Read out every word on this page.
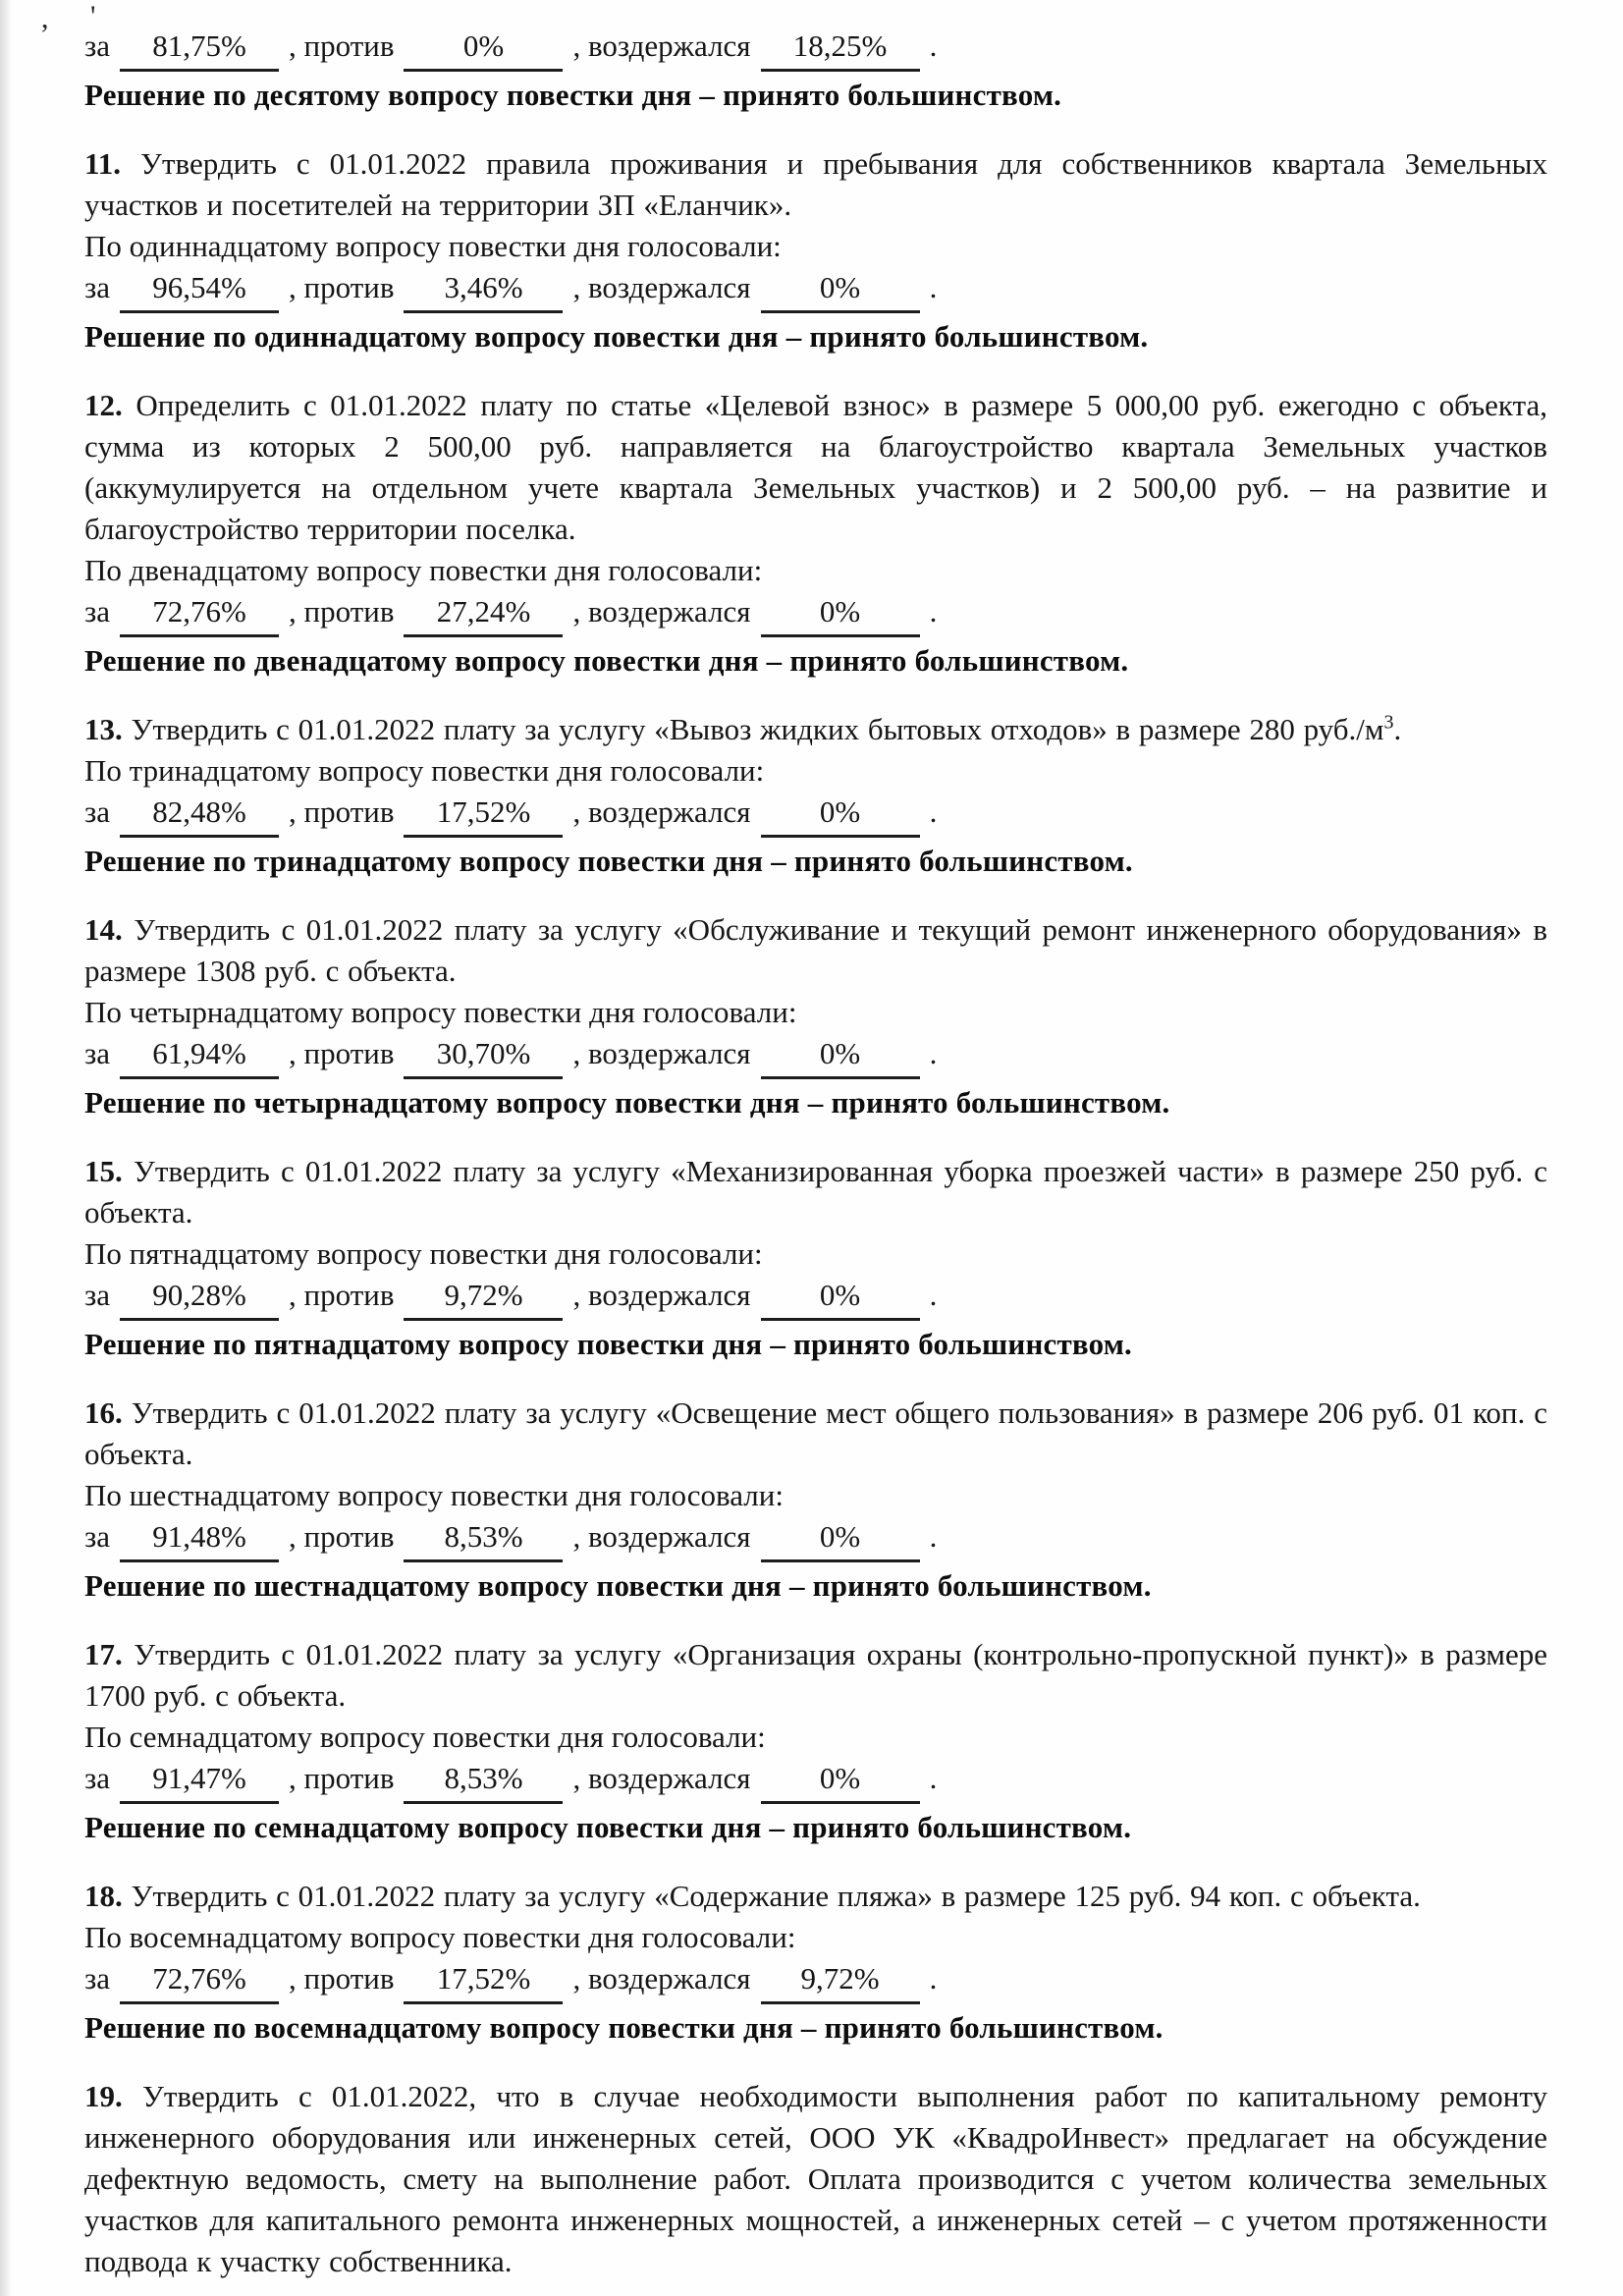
, '
за 81,75% , против 0% , воздержался 18,25% .
Решение по десятому вопросу повестки дня – принято большинством.

11. Утвердить с 01.01.2022 правила проживания и пребывания для собственников квартала Земельных участков и посетителей на территории ЗП «Еланчик».

По одиннадцатому вопросу повестки дня голосовали:
за 96,54% , против 3,46% , воздержался 0% .
Решение по одиннадцатому вопросу повестки дня – принято большинством.

12. Определить с 01.01.2022 плату по статье «Целевой взнос» в размере 5 000,00 руб. ежегодно с объекта, сумма из которых 2 500,00 руб. направляется на благоустройство квартала Земельных участков (аккумулируется на отдельном учете квартала Земельных участков) и 2 500,00 руб. – на развитие и благоустройство территории поселка.

По двенадцатому вопросу повестки дня голосовали:
за 72,76% , против 27,24% , воздержался 0% .
Решение по двенадцатому вопросу повестки дня – принято большинством.

13. Утвердить с 01.01.2022 плату за услугу «Вывоз жидких бытовых отходов» в размере 280 $руб./м^3$.

По тринадцатому вопросу повестки дня голосовали:
за 82,48% , против 17,52% , воздержался 0% .
Решение по тринадцатому вопросу повестки дня – принято большинством.

14. Утвердить с 01.01.2022 плату за услугу «Обслуживание и текущий ремонт инженерного оборудования» в размере 1308 руб. с объекта.

По четырнадцатому вопросу повестки дня голосовали:
за 61,94% , против 30,70% , воздержался 0% .
Решение по четырнадцатому вопросу повестки дня – принято большинством.

15. Утвердить с 01.01.2022 плату за услугу «Механизированная уборка проезжей части» в размере 250 руб. с объекта.

По пятнадцатому вопросу повестки дня голосовали:
за 90,28% , против 9,72% , воздержался 0% .
Решение по пятнадцатому вопросу повестки дня – принято большинством.

16. Утвердить с 01.01.2022 плату за услугу «Освещение мест общего пользования» в размере 206 руб. 01 коп. с объекта.

По шестнадцатому вопросу повестки дня голосовали:
за 91,48% , против 8,53% , воздержался 0% .
Решение по шестнадцатому вопросу повестки дня – принято большинством.

17. Утвердить с 01.01.2022 плату за услугу «Организация охраны (контрольно-пропускной пункт)» в размере 1700 руб. с объекта.

По семнадцатому вопросу повестки дня голосовали:
за 91,47% , против 8,53% , воздержался 0% .
Решение по семнадцатому вопросу повестки дня – принято большинством.

18. Утвердить с 01.01.2022 плату за услугу «Содержание пляжа» в размере 125 руб. 94 коп. с объекта.

По восемнадцатому вопросу повестки дня голосовали:
за 72,76% , против 17,52% , воздержался 9,72% .
Решение по восемнадцатому вопросу повестки дня – принято большинством.

19. Утвердить с 01.01.2022, что в случае необходимости выполнения работ по капитальному ремонту инженерного оборудования или инженерных сетей, ООО УК «КвадроИнвест» предлагает на обсуждение дефектную ведомость, смету на выполнение работ. Оплата производится с учетом количества земельных участков для капитального ремонта инженерных мощностей, а инженерных сетей – с учетом протяженности подвода к участку собственника.
